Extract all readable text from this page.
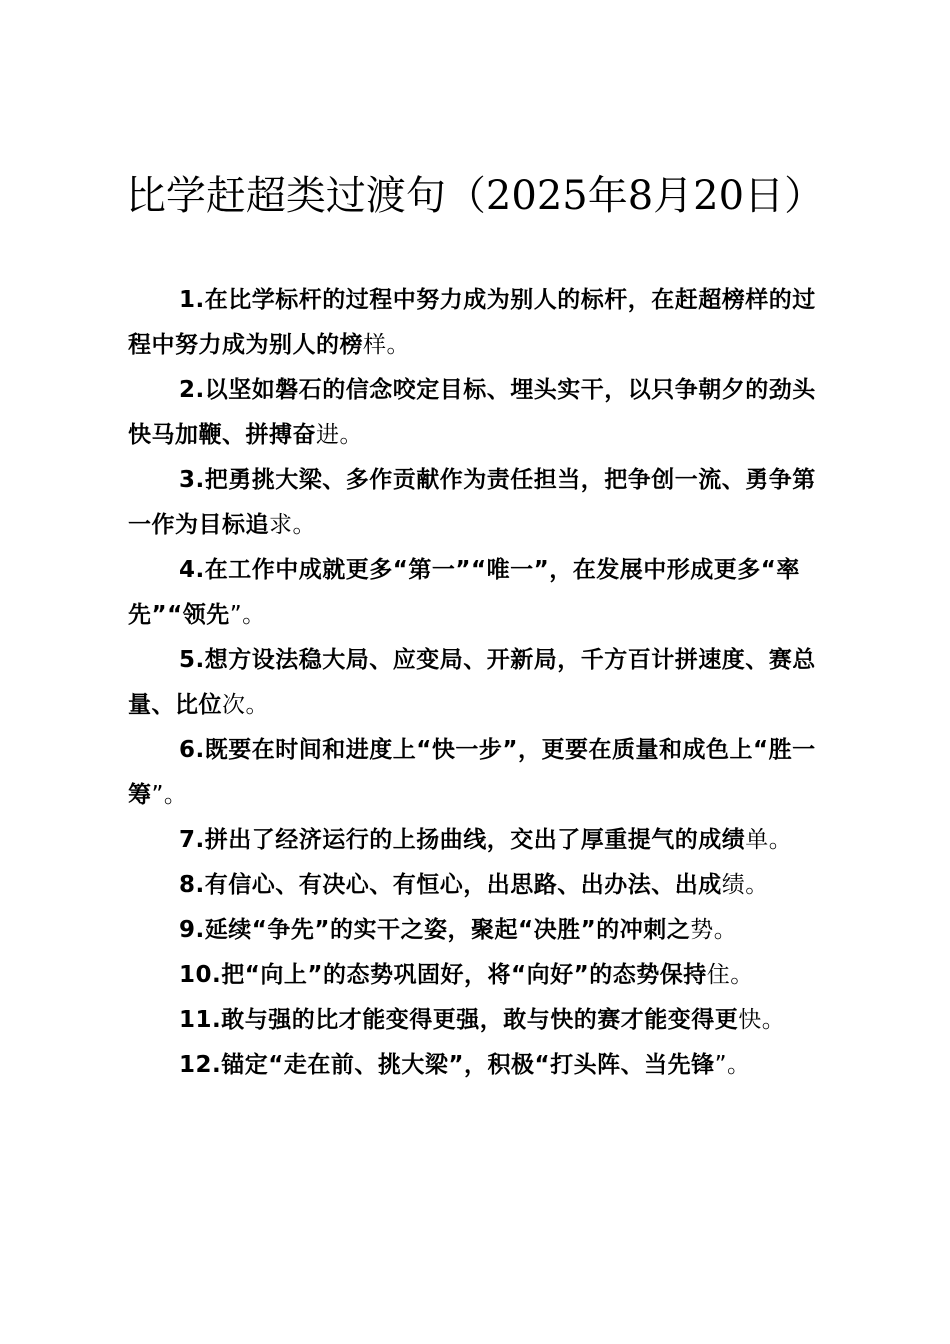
比学赶超类过渡句（2025年8月20日）
1.在比学标杆的过程中努力成为别人的标杆，在赶超榜样的过程中努力成为别人的榜样。
2.以坚如磐石的信念咬定目标、埋头实干，以只争朝夕的劲头快马加鞭、拼搏奋进。
3.把勇挑大梁、多作贡献作为责任担当，把争创一流、勇争第一作为目标追求。
4.在工作中成就更多“第一”“唯一”，在发展中形成更多“率先”“领先”。
5.想方设法稳大局、应变局、开新局，千方百计拼速度、赛总量、比位次。
6.既要在时间和进度上“快一步”，更要在质量和成色上“胜一筹”。
7.拼出了经济运行的上扬曲线，交出了厚重提气的成绩单。
8.有信心、有决心、有恒心，出思路、出办法、出成绩。
9.延续“争先”的实干之姿，聚起“决胜”的冲刺之势。
10.把“向上”的态势巩固好，将“向好”的态势保持住。
11.敢与强的比才能变得更强，敢与快的赛才能变得更快。
12.锚定“走在前、挑大梁”，积极“打头阵、当先锋”。
